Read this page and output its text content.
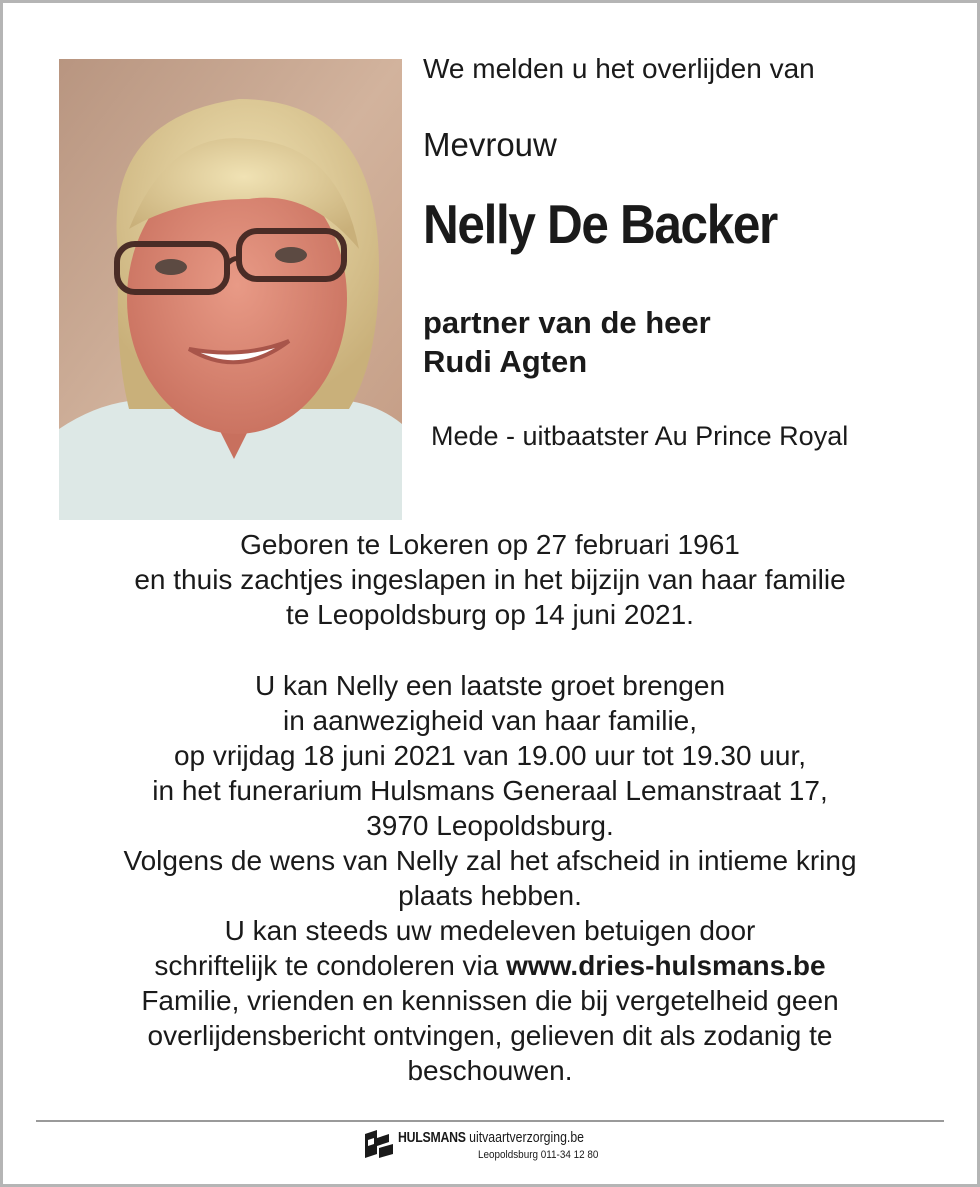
We melden u het overlijden van
Mevrouw
Nelly De Backer
partner van de heer
Rudi Agten
Mede - uitbaatster Au Prince Royal

Geboren te Lokeren op 27 februari 1961

en thuis zachtjes ingeslapen in het bijzijn van haar familie

te Leopoldsburg op 14 juni 2021.

U kan Nelly een laatste groet brengen

in aanwezigheid van haar familie,

op vrijdag 18 juni 2021 van 19.00 uur tot 19.30 uur,

in het funerarium Hulsmans Generaal Lemanstraat 17,

3970 Leopoldsburg.

Volgens de wens van Nelly zal het afscheid in intieme kring

plaats hebben.

U kan steeds uw medeleven betuigen door

schriftelijk te condoleren via www.dries-hulsmans.be

Familie, vrienden en kennissen die bij vergetelheid geen

overlijdensbericht ontvingen, gelieven dit als zodanig te

beschouwen.

HULSMANS uitvaartverzorging.be
Leopoldsburg 011-34 12 80
